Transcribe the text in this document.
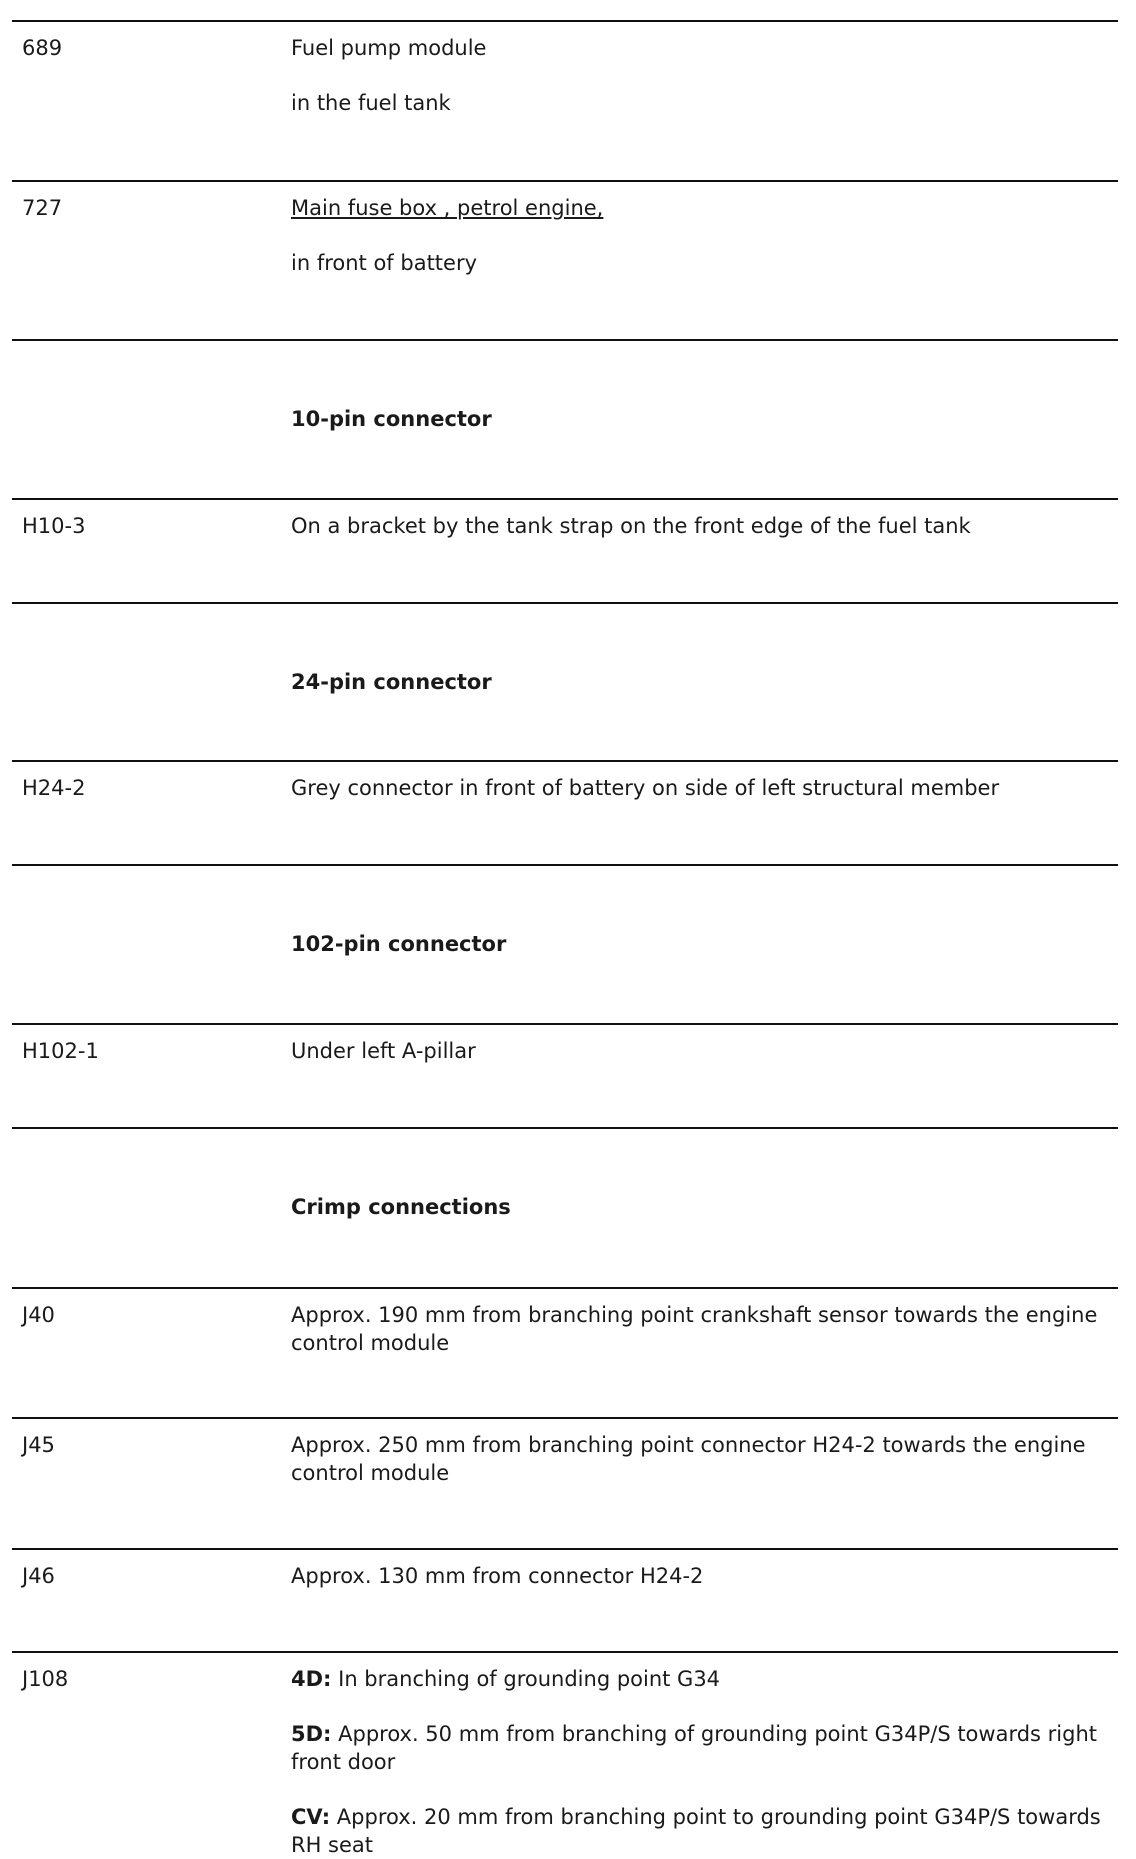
689	Fuel pump module

in the fuel tank

727	Main fuse box , petrol engine,

in front of battery

10-pin connector
H10-3	On a bracket by the tank strap on the front edge of the fuel tank

24-pin connector
H24-2	Grey connector in front of battery on side of left structural member

102-pin connector
H102-1	Under left A-pillar

Crimp connections
J40	Approx. 190 mm from branching point crankshaft sensor towards the engine control module

J45	Approx. 250 mm from branching point connector H24-2 towards the engine control module

J46	Approx. 130 mm from connector H24-2

J108	4D: In branching of grounding point G34

5D: Approx. 50 mm from branching of grounding point G34P/S towards right front door

CV: Approx. 20 mm from branching point to grounding point G34P/S towards RH seat
